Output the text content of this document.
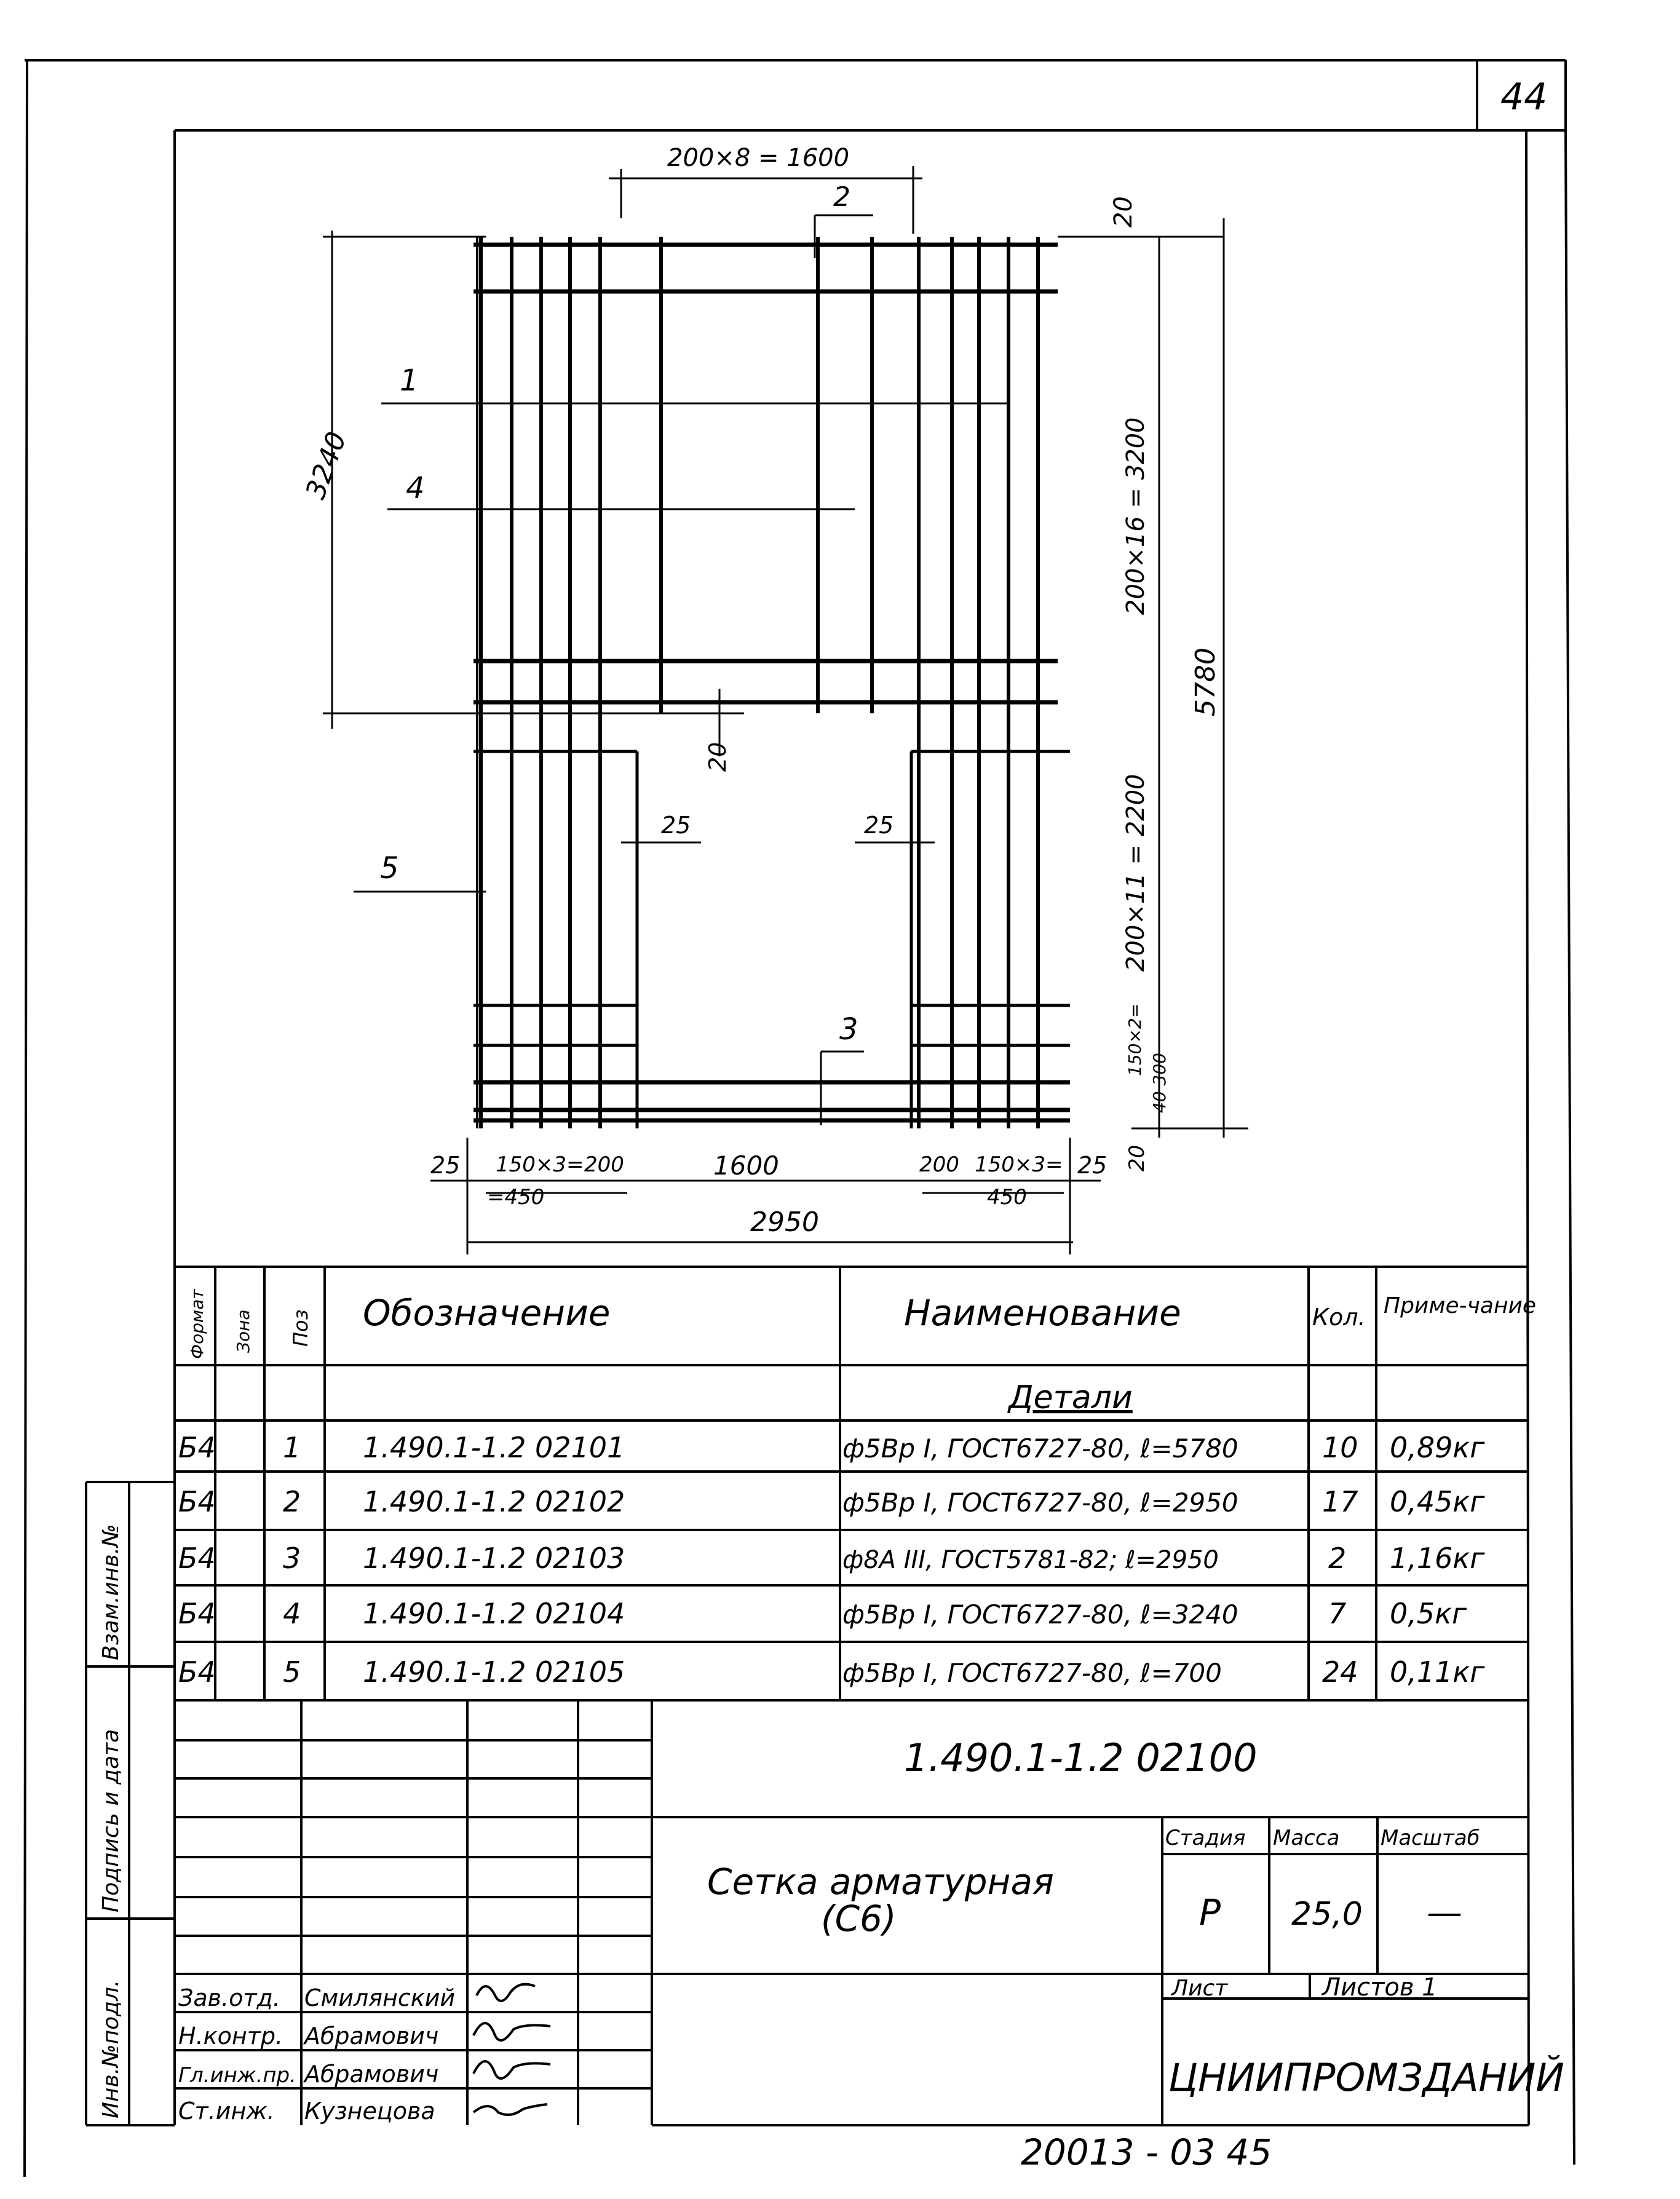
44
200×8 = 1600
2	20
3240
1
4	200×16 = 3200
5780
20
5
25	25	200×11 = 2200
3	150×2=
40 300
20
25 150×3=
=450
200	1600	200 150×3=
450
25
2950
Формат Зона Поз Обозначение	Наименование	Кол. Приме-чание
Детали
Б4 1 1.490.1-1.2 02101	ф5Вр I, ГОСТ6727-80, ℓ=5780	10 0,89кг
Б4 2 1.490.1-1.2 02102	ф5Вр I, ГОСТ6727-80, ℓ=2950	17 0,45кг
Б4 3 1.490.1-1.2 02103	ф8А III, ГОСТ5781-82; ℓ=2950	2 1,16кг
Б4 4 1.490.1-1.2 02104	ф5Вр I, ГОСТ6727-80, ℓ=3240	7 0,5кг
Б4 5 1.490.1-1.2 02105	ф5Вр I, ГОСТ6727-80, ℓ=700	24 0,11кг
Взам.инв.№
Подпись и дата
Инв.№подл.
1.490.1-1.2 02100
Сетка арматурная
(С6)
Стадия Масса Масштаб
Р 25,0 —
Лист	Листов 1
ЦНИИПРОМЗДАНИЙ
Зав.отд. Смилянский
Н.контр. Абрамович
Гл.инж.пр. Абрамович
Ст.инж. Кузнецова
20013 - 03 45
